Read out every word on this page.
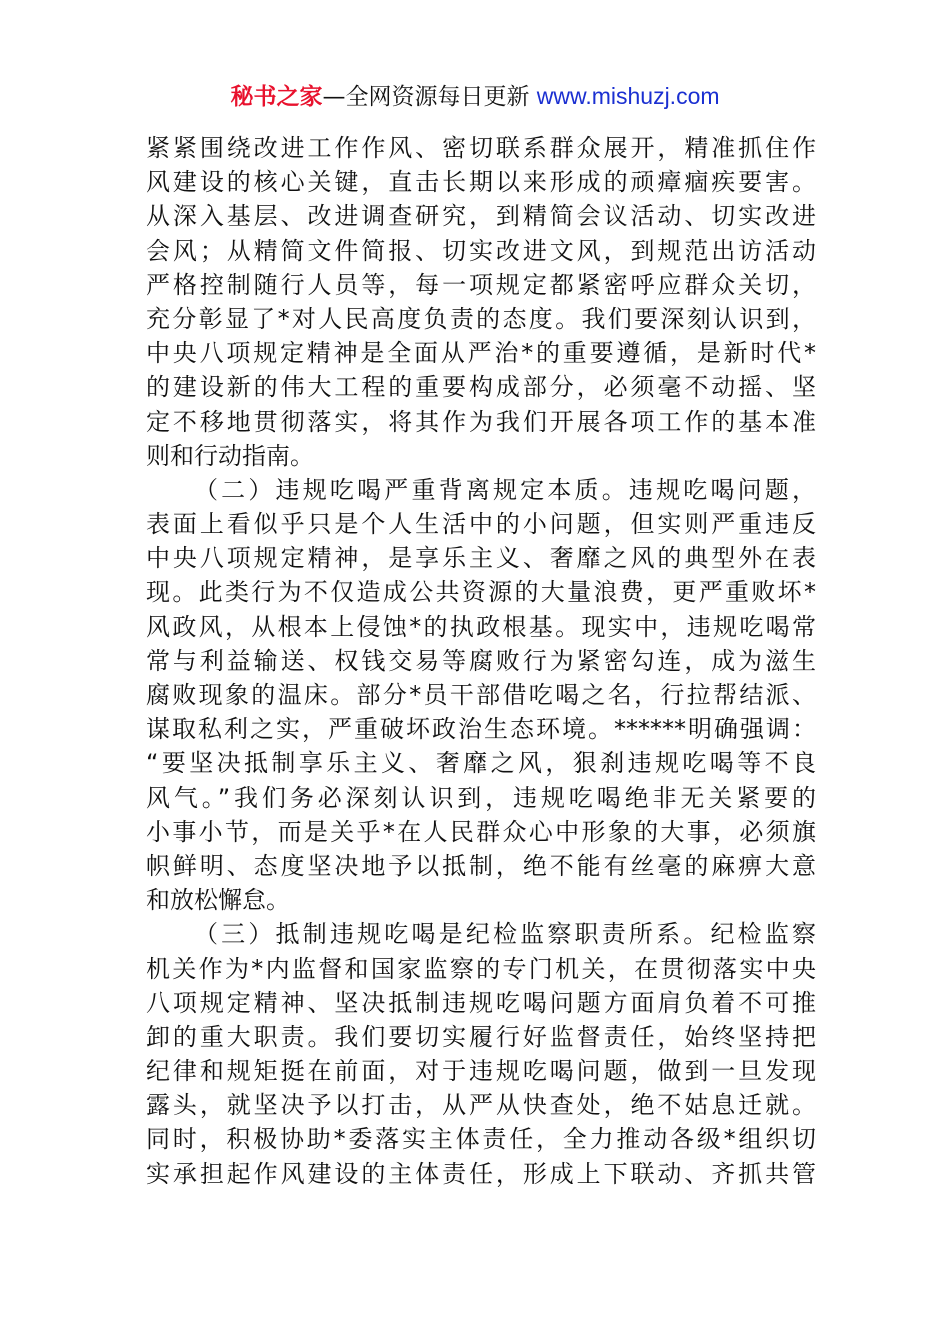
秘书之家—全网资源每日更新 www.mishuzj.com
紧紧围绕改进工作作风、密切联系群众展开，精准抓住作
风建设的核心关键，直击长期以来形成的顽瘴痼疾要害。
从深入基层、改进调查研究，到精简会议活动、切实改进
会风；从精简文件简报、切实改进文风，到规范出访活动
严格控制随行人员等，每一项规定都紧密呼应群众关切，
充分彰显了*对人民高度负责的态度。我们要深刻认识到，
中央八项规定精神是全面从严治*的重要遵循，是新时代*
的建设新的伟大工程的重要构成部分，必须毫不动摇、坚
定不移地贯彻落实，将其作为我们开展各项工作的基本准
则和行动指南。
（二）违规吃喝严重背离规定本质。违规吃喝问题，
表面上看似乎只是个人生活中的小问题，但实则严重违反
中央八项规定精神，是享乐主义、奢靡之风的典型外在表
现。此类行为不仅造成公共资源的大量浪费，更严重败坏*
风政风，从根本上侵蚀*的执政根基。现实中，违规吃喝常
常与利益输送、权钱交易等腐败行为紧密勾连，成为滋生
腐败现象的温床。部分*员干部借吃喝之名，行拉帮结派、
谋取私利之实，严重破坏政治生态环境。******明确强调：
“要坚决抵制享乐主义、奢靡之风，狠刹违规吃喝等不良
风气。”我们务必深刻认识到，违规吃喝绝非无关紧要的
小事小节，而是关乎*在人民群众心中形象的大事，必须旗
帜鲜明、态度坚决地予以抵制，绝不能有丝毫的麻痹大意
和放松懈怠。
（三）抵制违规吃喝是纪检监察职责所系。纪检监察
机关作为*内监督和国家监察的专门机关，在贯彻落实中央
八项规定精神、坚决抵制违规吃喝问题方面肩负着不可推
卸的重大职责。我们要切实履行好监督责任，始终坚持把
纪律和规矩挺在前面，对于违规吃喝问题，做到一旦发现
露头，就坚决予以打击，从严从快查处，绝不姑息迁就。
同时，积极协助*委落实主体责任，全力推动各级*组织切
实承担起作风建设的主体责任，形成上下联动、齐抓共管
